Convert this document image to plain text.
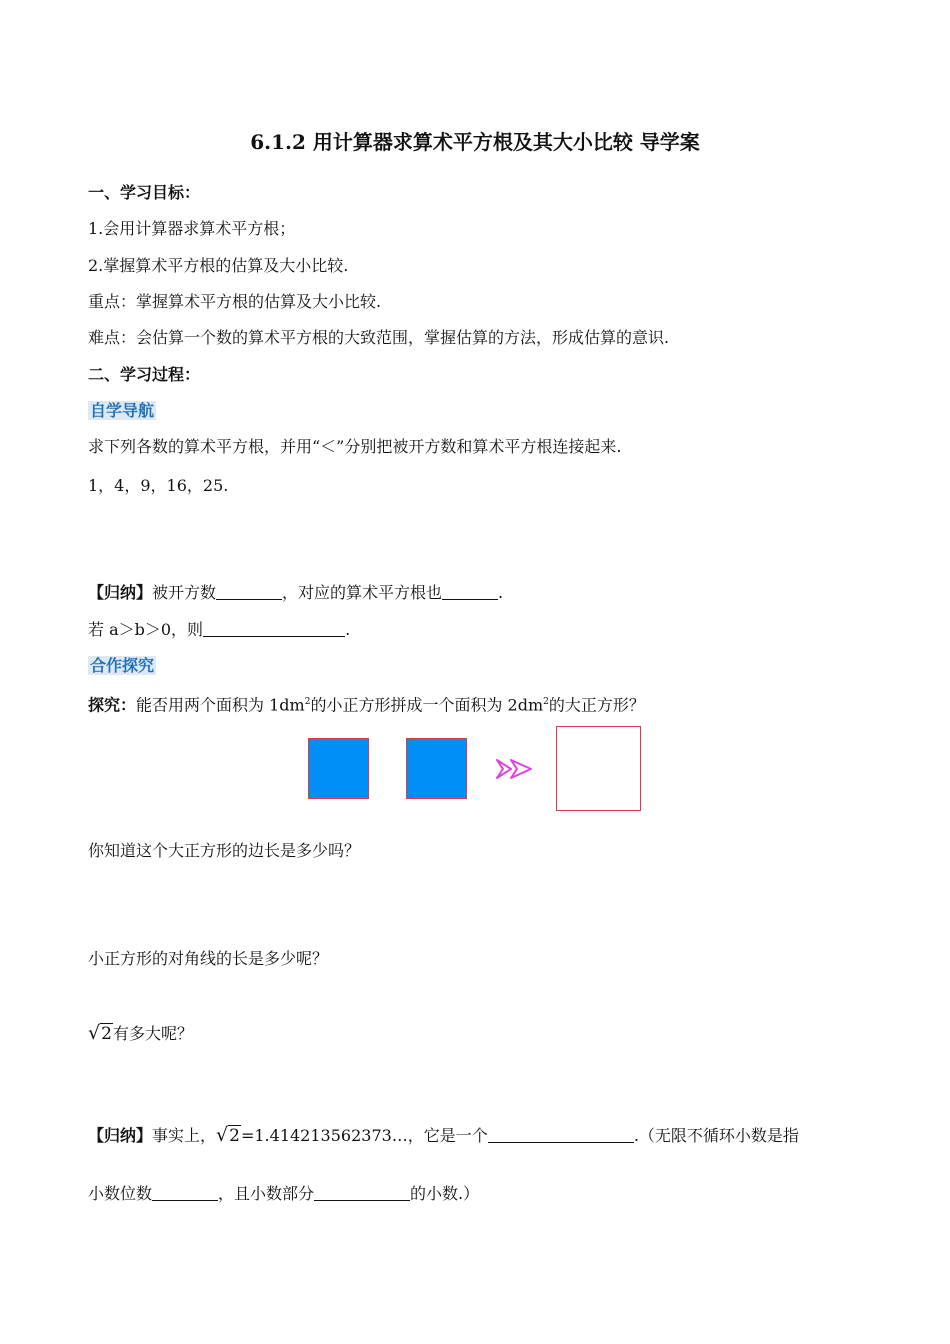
6.1.2 用计算器求算术平方根及其大小比较 导学案
一、学习目标：
1.会用计算器求算术平方根；
2.掌握算术平方根的估算及大小比较.
重点：掌握算术平方根的估算及大小比较.
难点：会估算一个数的算术平方根的大致范围，掌握估算的方法，形成估算的意识.
二、学习过程：
自学导航
求下列各数的算术平方根，并用“＜”分别把被开方数和算术平方根连接起来.
1，4，9，16，25.
【归纳】被开方数	，对应的算术平方根也	.
若 a＞b＞0，则	.
合作探究
探究：能否用两个面积为 $1dm^2$的小正方形拼成一个面积为 $2dm^2$的大正方形？
你知道这个大正方形的边长是多少吗？
小正方形的对角线的长是多少呢？
√2有多大呢？
【归纳】事实上，√2=1.414213562373…，它是一个	.（无限不循环小数是指
小数位数	，且小数部分	的小数.）
